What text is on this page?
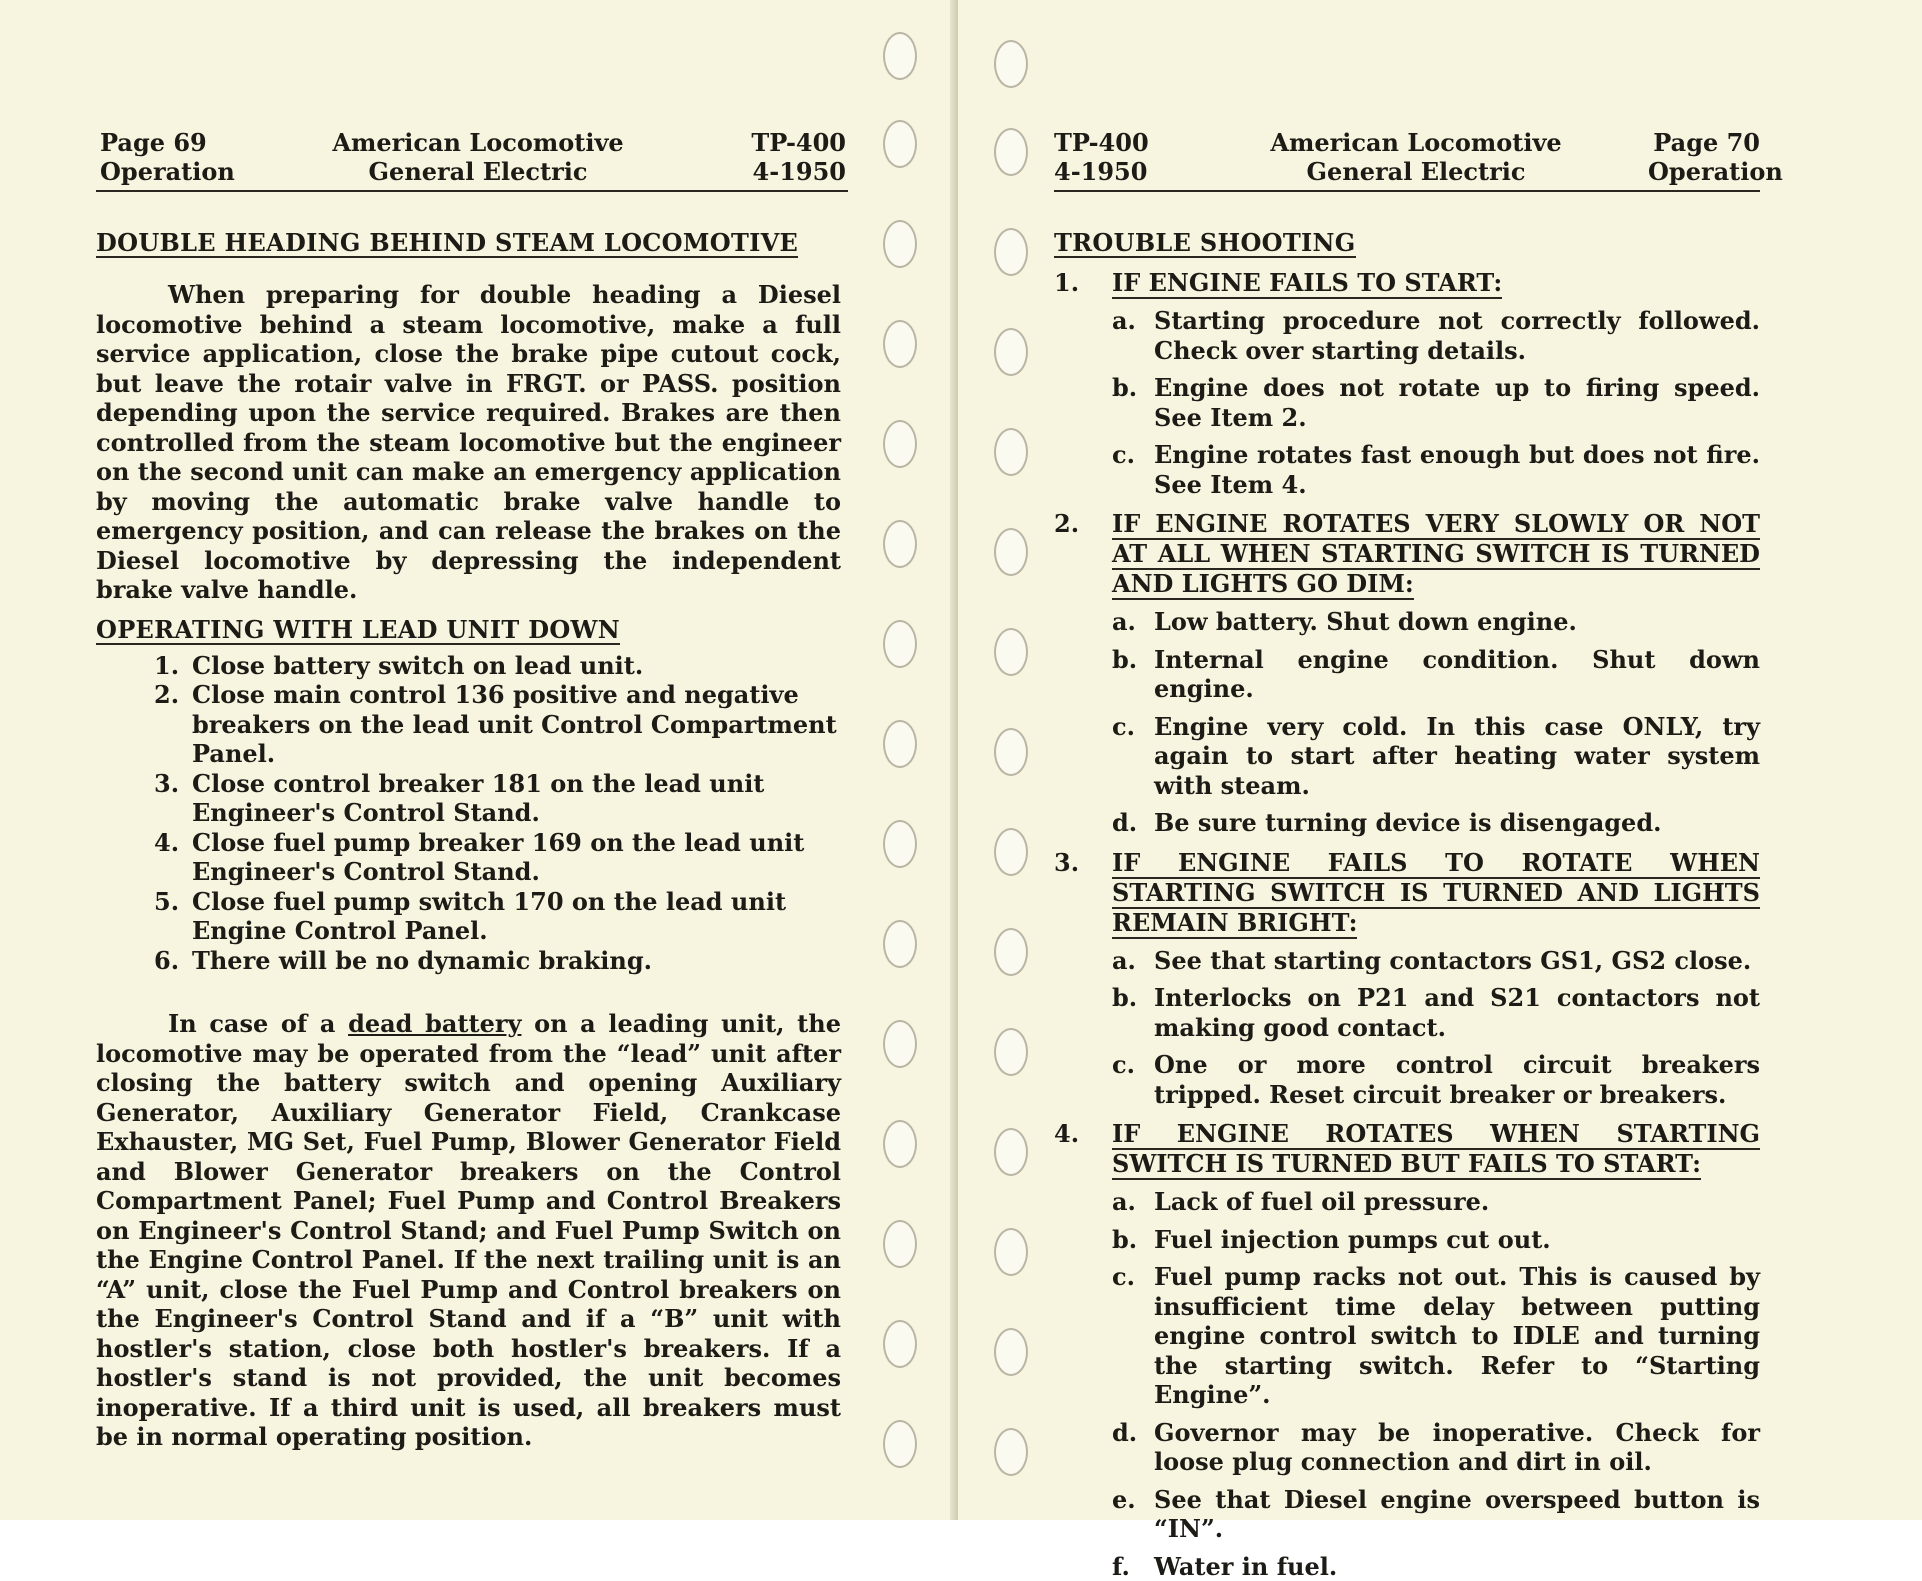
Page 69
Operation
American Locomotive
General Electric
TP-400
4-1950
DOUBLE HEADING BEHIND STEAM LOCOMOTIVE

When preparing for double heading a Diesel locomotive behind a steam locomotive, make a full service application, close the brake pipe cutout cock, but leave the rotair valve in FRGT. or PASS. position depending upon the service required. Brakes are then controlled from the steam locomotive but the engineer on the second unit can make an emergency application by moving the automatic brake valve handle to emergency position, and can release the brakes on the Diesel locomotive by depressing the independent brake valve handle.

OPERATING WITH LEAD UNIT DOWN
1. Close battery switch on lead unit.
2. Close main control 136 positive and negative breakers on the lead unit Control Compartment Panel.
3. Close control breaker 181 on the lead unit Engineer's Control Stand.
4. Close fuel pump breaker 169 on the lead unit Engineer's Control Stand.
5. Close fuel pump switch 170 on the lead unit Engine Control Panel.
6. There will be no dynamic braking.

In case of a dead battery on a leading unit, the locomotive may be operated from the “lead” unit after closing the battery switch and opening Auxiliary Generator, Auxiliary Generator Field, Crankcase Exhauster, MG Set, Fuel Pump, Blower Generator Field and Blower Generator breakers on the Control Compartment Panel; Fuel Pump and Control Breakers on Engineer's Control Stand; and Fuel Pump Switch on the Engine Control Panel. If the next trailing unit is an “A” unit, close the Fuel Pump and Control breakers on the Engineer's Control Stand and if a “B” unit with hostler's station, close both hostler's breakers. If a hostler's stand is not provided, the unit becomes inoperative. If a third unit is used, all breakers must be in normal operating position.

TP-400
4-1950
American Locomotive
General Electric
Page 70
Operation
TROUBLE SHOOTING
1.	IF ENGINE FAILS TO START:
a. Starting procedure not correctly followed. Check over starting details.
b. Engine does not rotate up to firing speed. See Item 2.
c. Engine rotates fast enough but does not fire. See Item 4.
2.	IF ENGINE ROTATES VERY SLOWLY OR NOT AT ALL WHEN STARTING SWITCH IS TURNED AND LIGHTS GO DIM:
a. Low battery. Shut down engine.
b. Internal engine condition. Shut down engine.
c. Engine very cold. In this case ONLY, try again to start after heating water system with steam.
d. Be sure turning device is disengaged.
3.	IF ENGINE FAILS TO ROTATE WHEN STARTING SWITCH IS TURNED AND LIGHTS REMAIN BRIGHT:
a. See that starting contactors GS1, GS2 close.
b. Interlocks on P21 and S21 contactors not making good contact.
c. One or more control circuit breakers tripped. Reset circuit breaker or breakers.
4.	IF ENGINE ROTATES WHEN STARTING SWITCH IS TURNED BUT FAILS TO START:
a. Lack of fuel oil pressure.
b. Fuel injection pumps cut out.
c. Fuel pump racks not out. This is caused by insufficient time delay between putting engine control switch to IDLE and turning the starting switch. Refer to “Starting Engine”.
d. Governor may be inoperative. Check for loose plug connection and dirt in oil.
e. See that Diesel engine overspeed button is “IN”.
f.	Water in fuel.
